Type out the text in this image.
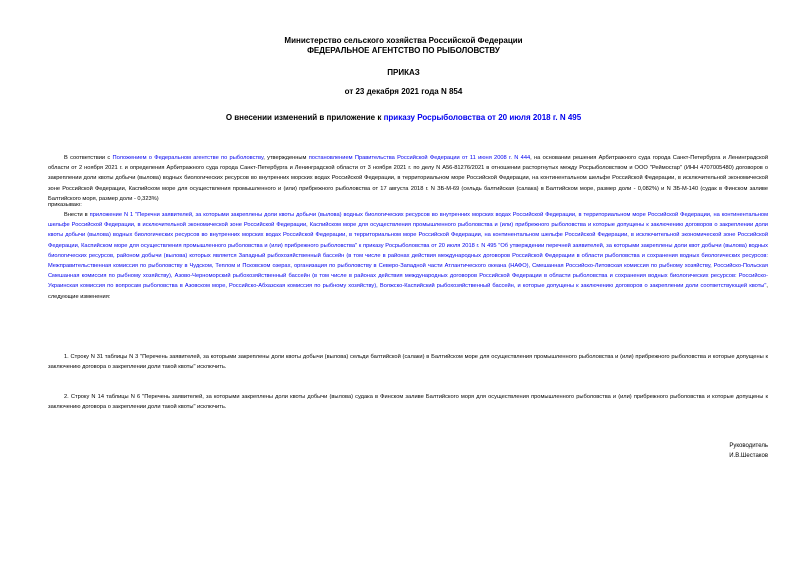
Министерство сельского хозяйства Российской Федерации
ФЕДЕРАЛЬНОЕ АГЕНТСТВО ПО РЫБОЛОВСТВУ
ПРИКАЗ
от 23 декабря 2021 года N 854
О внесении изменений в приложение к приказу Росрыболовства от 20 июля 2018 г. N 495

В соответствии с Положением о Федеральном агентстве по рыболовству, утвержденным постановлением Правительства Российской Федерации от 11 июня 2008 г. N 444, на основании решения Арбитражного суда города Санкт-Петербурга и Ленинградской области от 2 ноября 2021 г. и определения Арбитражного суда города Санкт-Петербурга и Ленинградской области от 3 ноября 2021 г. по делу N А56-81276/2021 в отношении расторгнутых между Росрыболовством и ООО "Реймосгар" (ИНН 4707005480) договоров о закреплении доли квоты добычи (вылова) водных биологических ресурсов во внутренних морских водах Российской Федерации, в территориальном море Российской Федерации, на континентальном шельфе Российской Федерации, в исключительной экономической зоне Российской Федерации, Каспийском море для осуществления промышленного и (или) прибрежного рыболовства от 17 августа 2018 г. N ЗБ-М-69 (сельдь балтийская (салака) в Балтийском море, размер доли - 0,082%) и N ЗБ-М-140 (судак в Финском заливе Балтийского моря, размер доли - 0,323%)

приказываю:

Внести в приложение N 1 "Перечни заявителей, за которыми закреплены доли квоты добычи (вылова) водных биологических ресурсов во внутренних морских водах Российской Федерации, в территориальном море Российской Федерации, на континентальном шельфе Российской Федерации, в исключительной экономической зоне Российской Федерации, Каспийском море для осуществления промышленного рыболовства и (или) прибрежного рыболовства и которые допущены к заключению договоров о закреплении доли квоты добычи (вылова) водных биологических ресурсов во внутренних морских водах Российской Федерации, в территориальном море Российской Федерации, на континентальном шельфе Российской Федерации, в исключительной экономической зоне Российской Федерации, Каспийском море для осуществления промышленного рыболовства и (или) прибрежного рыболовства" к приказу Росрыболовства от 20 июля 2018 г. N 495 "Об утверждении перечней заявителей, за которыми закреплены доли квот добычи (вылова) водных биологических ресурсов, районом добычи (вылова) которых является Западный рыбохозяйственный бассейн (в том числе в районах действия международных договоров Российской Федерации в области рыболовства и сохранения водных биологических ресурсов: Межправительственная комиссия по рыболовству в Чудском, Теплом и Псковском озерах, организация по рыболовству в Северо-Западной части Атлантического океана (НАФО), Смешанная Российско-Литовская комиссия по рыбному хозяйству, Российско-Польская Смешанная комиссия по рыбному хозяйству), Азово-Черноморский рыбохозяйственный бассейн (в том числе в районах действия международных договоров Российской Федерации в области рыболовства и сохранения водных биологических ресурсов: Российско-Украинская комиссия по вопросам рыболовства в Азовском море, Российско-Абхазская комиссия по рыбному хозяйству), Волжско-Каспийский рыбохозяйственный бассейн, и которые допущены к заключению договоров о закреплении доли соответствующей квоты", следующие изменения:

1. Строку N 31 таблицы N 3 "Перечень заявителей, за которыми закреплены доли квоты добычи (вылова) сельди балтийской (салаки) в Балтийском море для осуществления промышленного рыболовства и (или) прибрежного рыболовства и которые допущены к заключению договора о закреплении доли такой квоты" исключить.

2. Строку N 14 таблицы N 6 "Перечень заявителей, за которыми закреплены доли квоты добычи (вылова) судака в Финском заливе Балтийского моря для осуществления промышленного рыболовства и (или) прибрежного рыболовства и которые допущены к заключению договора о закреплении доли такой квоты" исключить.

Руководитель
И.В.Шестаков
